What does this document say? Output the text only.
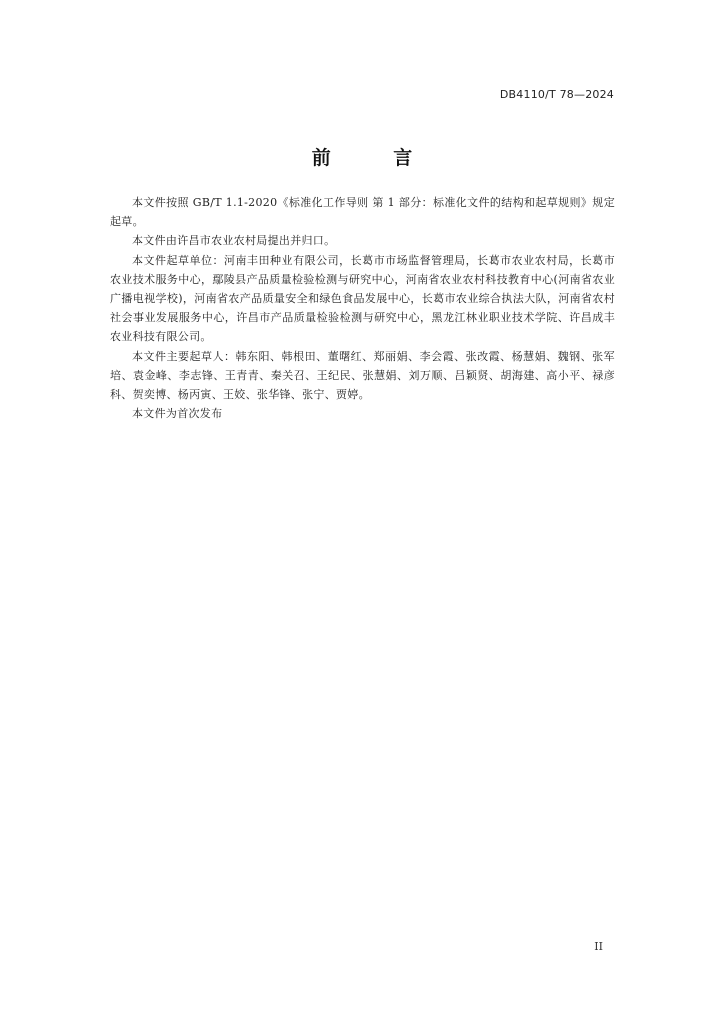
DB4110/T 78—2024
前 言

本文件按照 GB/T 1.1-2020《标准化工作导则 第 1 部分：标准化文件的结构和起草规则》规定起草。

本文件由许昌市农业农村局提出并归口。

本文件起草单位：河南丰田种业有限公司，长葛市市场监督管理局，长葛市农业农村局，长葛市农业技术服务中心，鄢陵县产品质量检验检测与研究中心，河南省农业农村科技教育中心(河南省农业广播电视学校)，河南省农产品质量安全和绿色食品发展中心，长葛市农业综合执法大队，河南省农村社会事业发展服务中心，许昌市产品质量检验检测与研究中心，黑龙江林业职业技术学院、许昌成丰农业科技有限公司。

本文件主要起草人：韩东阳、韩根田、董曙红、郑丽娟、李会霞、张改霞、杨慧娟、魏钢、张军培、袁金峰、李志锋、王青青、秦关召、王纪民、张慧娟、刘万顺、吕颖贤、胡海建、高小平、禄彦科、贺奕博、杨丙寅、王姣、张华锋、张宁、贾婷。

本文件为首次发布

II
